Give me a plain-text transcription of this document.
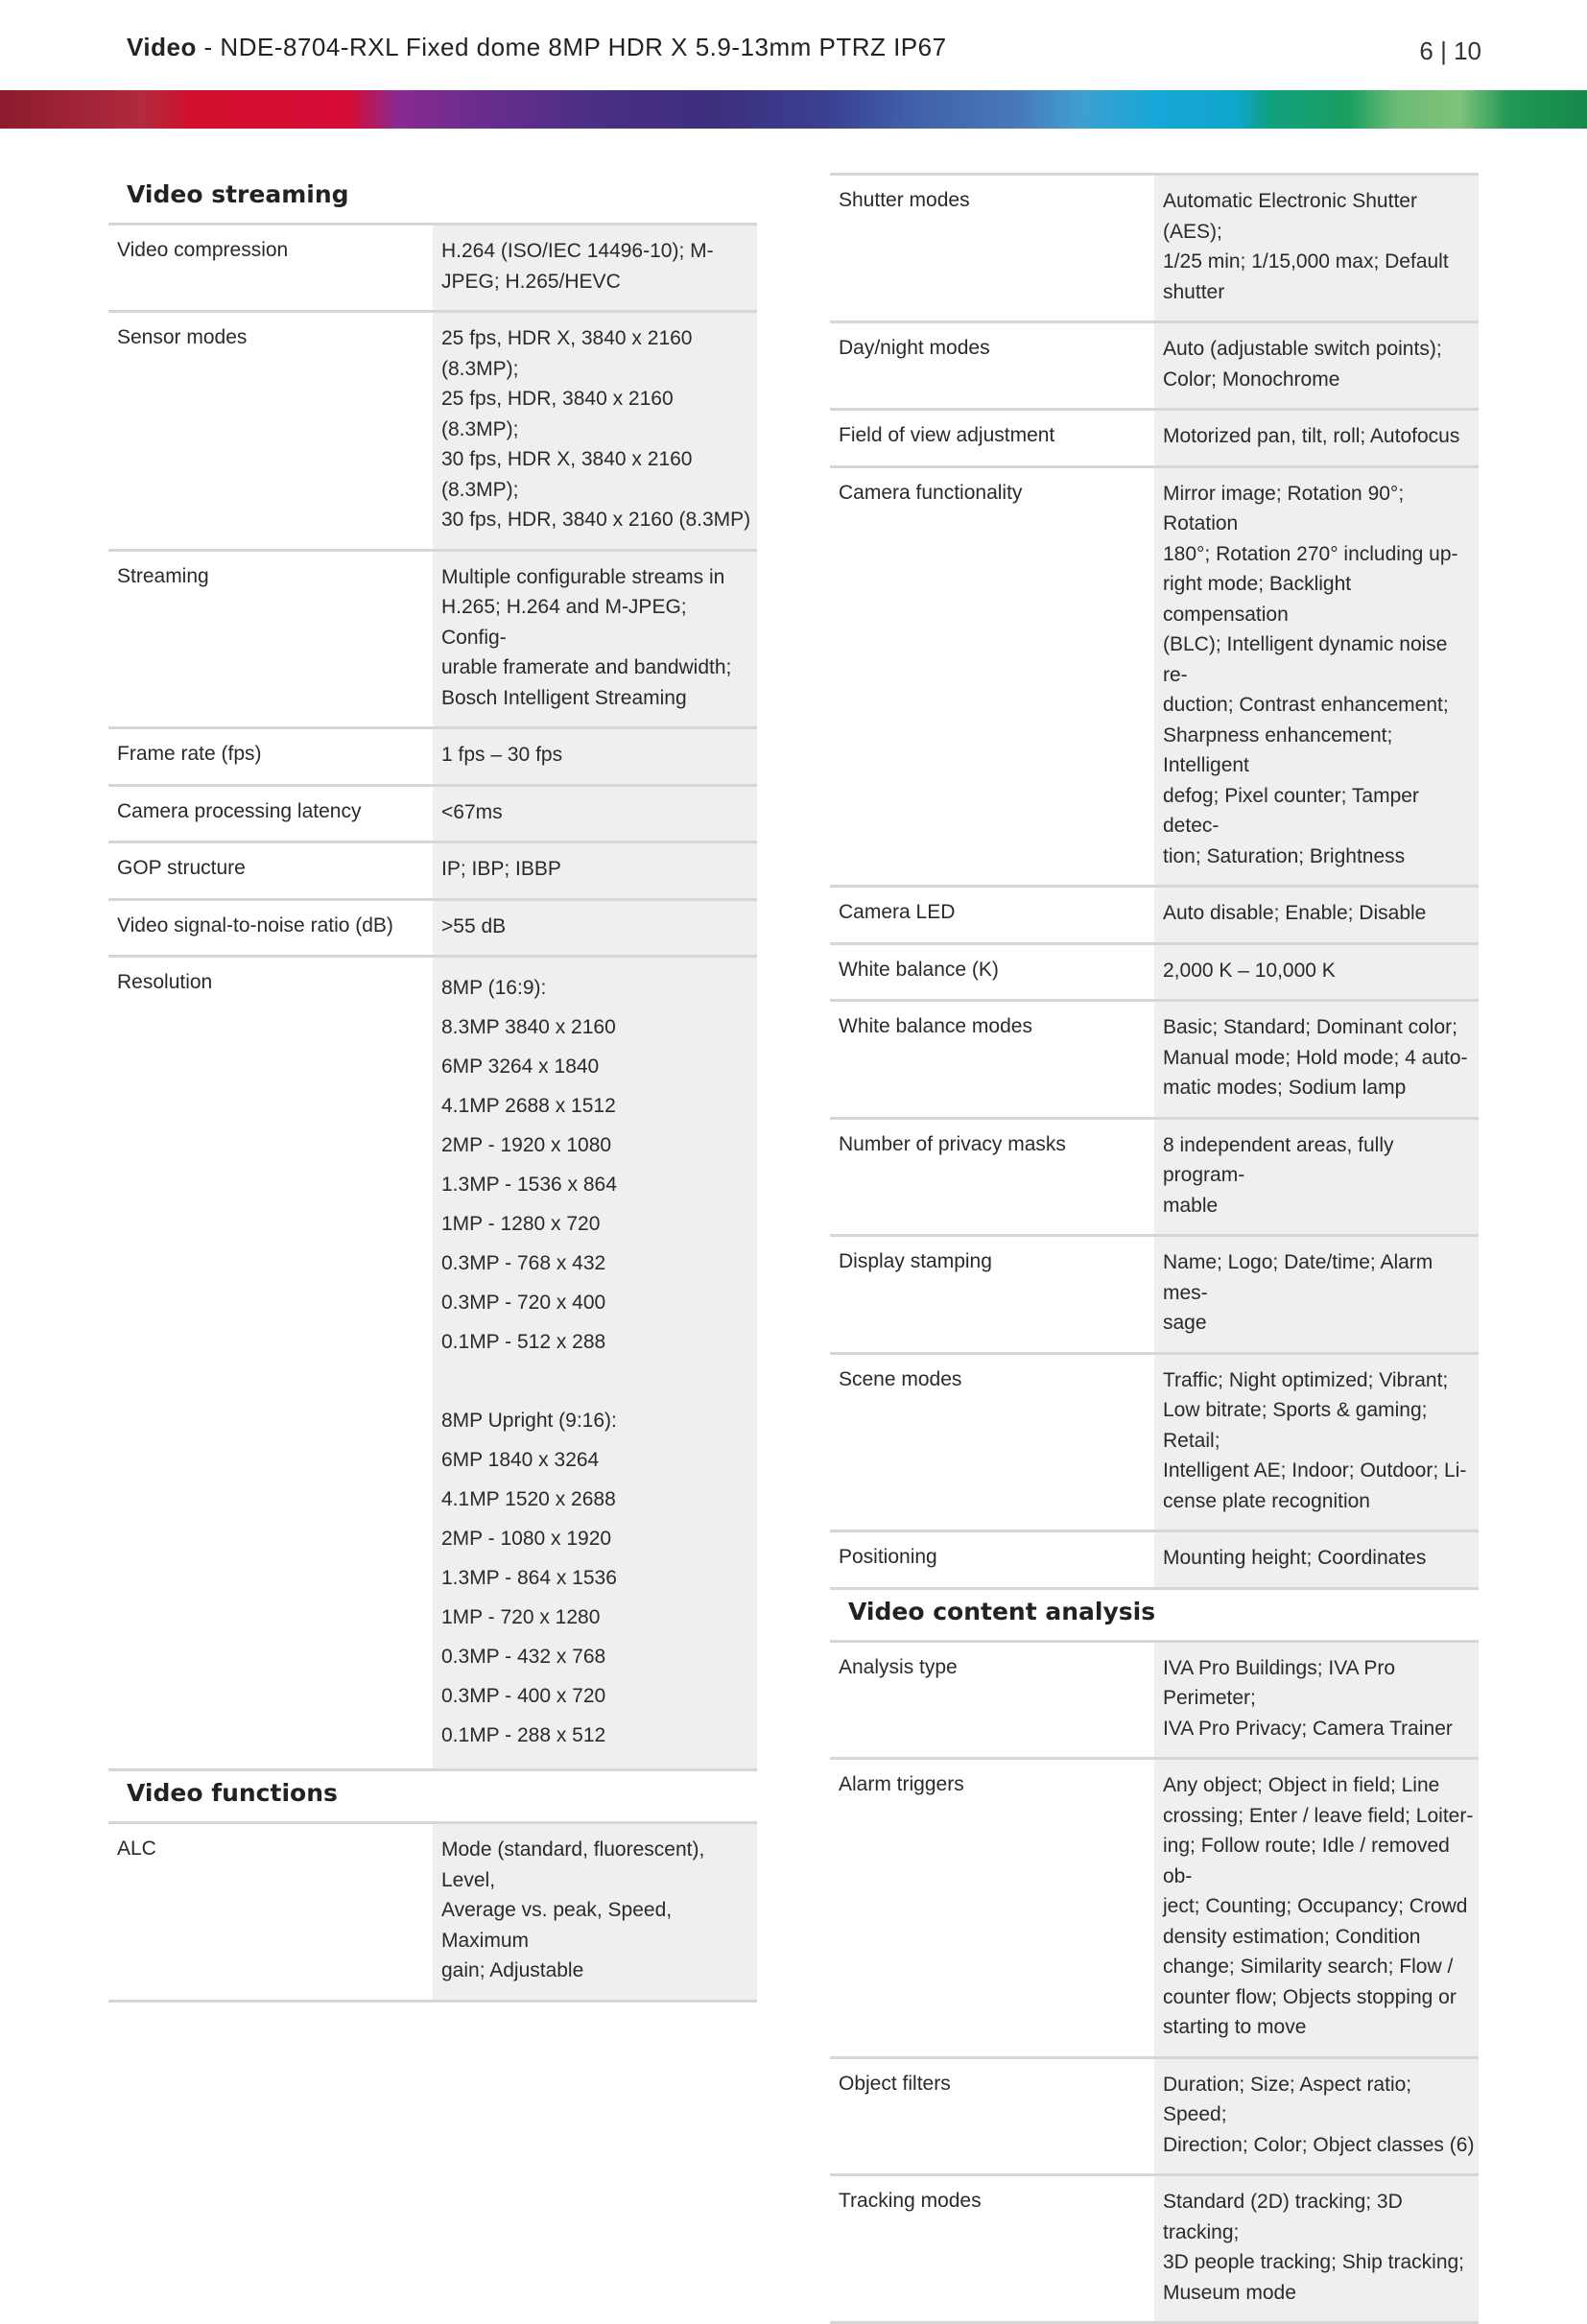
Video - NDE-8704-RXL Fixed dome 8MP HDR X 5.9-13mm PTRZ IP67	6 | 10
Video streaming
Video compression	H.264 (ISO/IEC 14496-10); M-
JPEG; H.265/HEVC
Sensor modes	25 fps, HDR X, 3840 x 2160
(8.3MP);
25 fps, HDR, 3840 x 2160 (8.3MP);
30 fps, HDR X, 3840 x 2160
(8.3MP);
30 fps, HDR, 3840 x 2160 (8.3MP)
Streaming	Multiple configurable streams in
H.265; H.264 and M-JPEG; Config-
urable framerate and bandwidth;
Bosch Intelligent Streaming
Frame rate (fps)	1 fps – 30 fps
Camera processing latency	<67ms
GOP structure	IP; IBP; IBBP
Video signal-to-noise ratio (dB)	>55 dB
Resolution	8MP (16:9):
8.3MP 3840 x 2160
6MP 3264 x 1840
4.1MP 2688 x 1512
2MP - 1920 x 1080
1.3MP - 1536 x 864
1MP - 1280 x 720
0.3MP - 768 x 432
0.3MP - 720 x 400
0.1MP - 512 x 288
8MP Upright (9:16):
6MP 1840 x 3264
4.1MP 1520 x 2688
2MP - 1080 x 1920
1.3MP - 864 x 1536
1MP - 720 x 1280
0.3MP - 432 x 768
0.3MP - 400 x 720
0.1MP - 288 x 512
Video functions
ALC	Mode (standard, fluorescent), Level,
Average vs. peak, Speed, Maximum
gain; Adjustable
Shutter modes	Automatic Electronic Shutter (AES);
1/25 min; 1/15,000 max; Default
shutter
Day/night modes	Auto (adjustable switch points);
Color; Monochrome
Field of view adjustment	Motorized pan, tilt, roll; Autofocus
Camera functionality	Mirror image; Rotation 90°; Rotation
180°; Rotation 270° including up-
right mode; Backlight compensation
(BLC); Intelligent dynamic noise re-
duction; Contrast enhancement;
Sharpness enhancement; Intelligent
defog; Pixel counter; Tamper detec-
tion; Saturation; Brightness
Camera LED	Auto disable; Enable; Disable
White balance (K)	2,000 K – 10,000 K
White balance modes	Basic; Standard; Dominant color;
Manual mode; Hold mode; 4 auto-
matic modes; Sodium lamp
Number of privacy masks	8 independent areas, fully program-
mable
Display stamping	Name; Logo; Date/time; Alarm mes-
sage
Scene modes	Traffic; Night optimized; Vibrant;
Low bitrate; Sports & gaming; Retail;
Intelligent AE; Indoor; Outdoor; Li-
cense plate recognition
Positioning	Mounting height; Coordinates
Video content analysis
Analysis type	IVA Pro Buildings; IVA Pro Perimeter;
IVA Pro Privacy; Camera Trainer
Alarm triggers	Any object; Object in field; Line
crossing; Enter / leave field; Loiter-
ing; Follow route; Idle / removed ob-
ject; Counting; Occupancy; Crowd
density estimation; Condition
change; Similarity search; Flow /
counter flow; Objects stopping or
starting to move
Object filters	Duration; Size; Aspect ratio; Speed;
Direction; Color; Object classes (6)
Tracking modes	Standard (2D) tracking; 3D tracking;
3D people tracking; Ship tracking;
Museum mode
